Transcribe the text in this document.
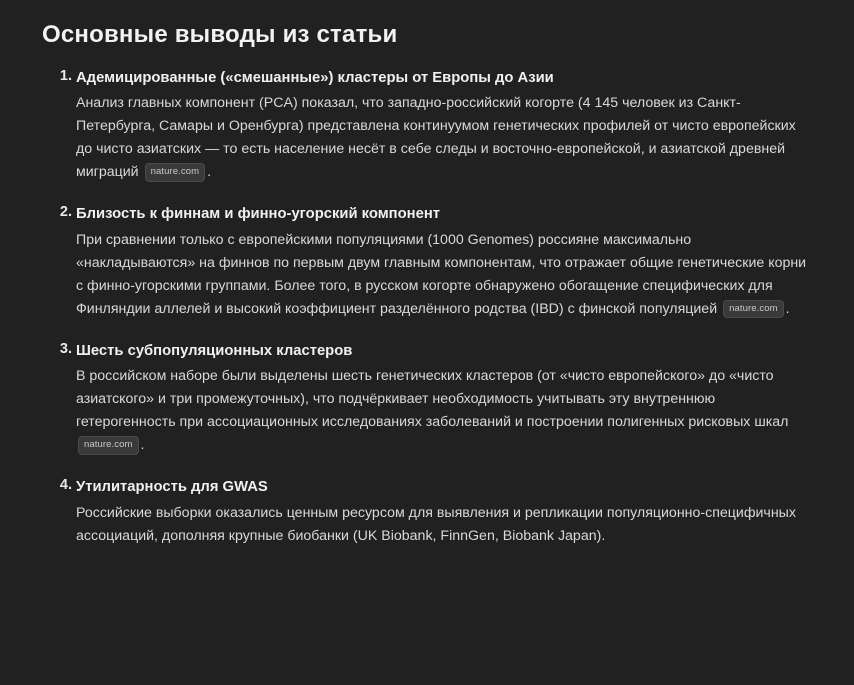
Основные выводы из статьи
1. Адемицированные («смешанные») кластеры от Европы до Азии
Анализ главных компонент (PCA) показал, что западно-российский когорте (4 145 человек из Санкт-Петербурга, Самары и Оренбурга) представлена континуумом генетических профилей от чисто европейских до чисто азиатских — то есть население несёт в себе следы и восточно-европейской, и азиатской древней миграций nature.com .
2. Близость к финнам и финно-угорский компонент
При сравнении только с европейскими популяциями (1000 Genomes) россияне максимально «накладываются» на финнов по первым двум главным компонентам, что отражает общие генетические корни с финно-угорскими группами. Более того, в русском когорте обнаружено обогащение специфических для Финляндии аллелей и высокий коэффициент разделённого родства (IBD) с финской популяцией nature.com .
3. Шесть субпопуляционных кластеров
В российском наборе были выделены шесть генетических кластеров (от «чисто европейского» до «чисто азиатского» и три промежуточных), что подчёркивает необходимость учитывать эту внутреннюю гетерогенность при ассоциационных исследованиях заболеваний и построении полигенных рисковых шкал nature.com .
4. Утилитарность для GWAS
Российские выборки оказались ценным ресурсом для выявления и репликации популяционно-специфичных ассоциаций, дополняя крупные биобанки (UK Biobank, FinnGen, Biobank Japan).
